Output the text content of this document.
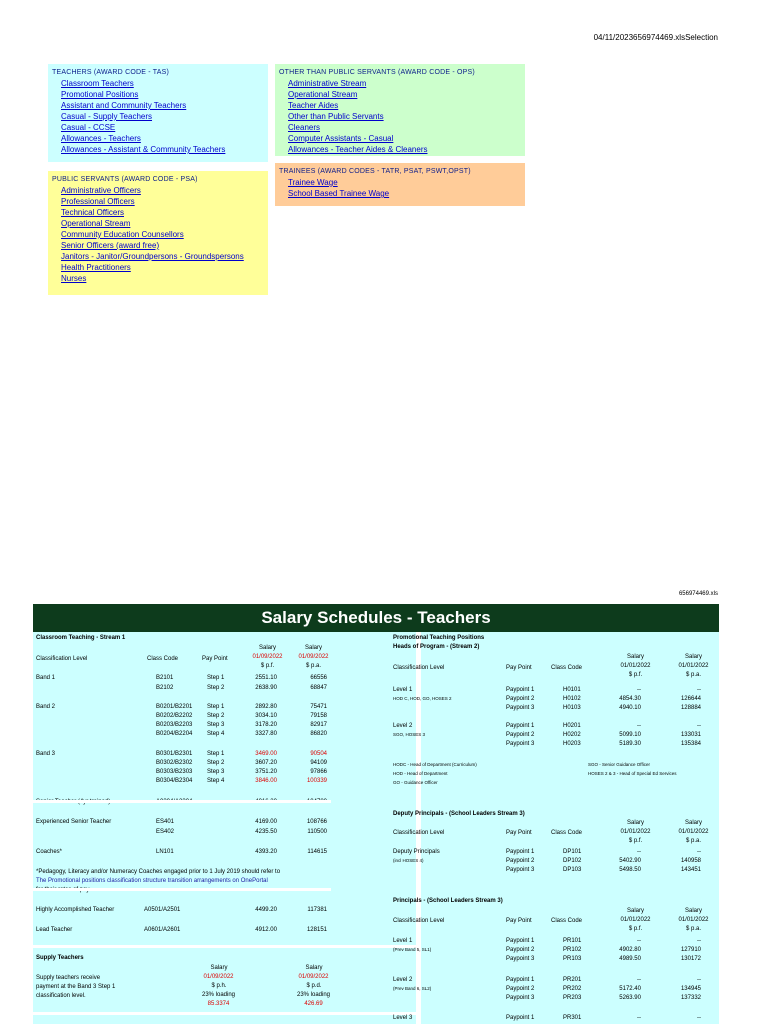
04/11/2023656974469.xlsSelection
TEACHERS (AWARD CODE - TAS)
Classroom Teachers
Promotional Positions
Assistant and Community Teachers
Casual - Supply Teachers
Casual - CCSE
Allowances - Teachers
Allowances - Assistant & Community Teachers
OTHER THAN PUBLIC SERVANTS (AWARD CODE - OPS)
Administrative Stream
Operational Stream
Teacher Aides
Other than Public Servants
Cleaners
Computer Assistants - Casual
Allowances - Teacher Aides & Cleaners
PUBLIC SERVANTS (AWARD CODE - PSA)
Administrative Officers
Professional Officers
Technical Officers
Operational Stream
Community Education Counsellors
Senior Officers (award free)
Janitors - Janitor/Groundpersons - Groundspersons
Health Practitioners
Nurses
TRAINEES (AWARD CODES - TATR, PSAT, PSWT,OPST)
Trainee Wage
School Based Trainee Wage
656974469.xls
Salary Schedules - Teachers
Classroom Teaching - Stream 1
Salary	Salary
01/09/2022	01/09/2022
Classification Level	Class Code	Pay Point
$ p.f.	$ p.a.
Band 1	B2101	Step 1	2551.10	66556
B2102	Step 2	2638.90	68847
Band 2	B0201/B2201 Step 1	2892.80	75471
B0202/B2202 Step 2	3034.10	79158
B0203/B2203 Step 3	3178.20	82917
B0204/B2204 Step 4	3327.80	86820
Band 3	B0301/B2301 Step 1	3469.00	90504
B0302/B2302 Step 2	3607.20	94109
B0303/B2303 Step 3	3751.20	97866
B0304/B2304 Step 4	3846.00	100339
Experienced Senior Teacher	ES401	4169.00	108766
ES402	4235.50	110500
Coaches*	LN101	4393.20	114615
*Pedagogy, Literacy and/or Numeracy Coaches engaged prior to 1 July 2019 should refer to
The Promotional positions classification structure transition arrangements on OnePortal
Highly Accomplished Teacher	A0501/A2501	4499.20	117381
Lead Teacher	A0601/A2601	4912.00	128151
Supply Teachers
Salary	Salary
Supply teachers receive	01/09/2022	01/09/2022
payment at the Band 3 Step 1	$ p.h.	$ p.d.
classification level.	23% loading	23% loading
85.3374	426.69
Promotional Teaching Positions
Heads of Program - (Stream 2)
Salary	Salary
01/01/2022	01/01/2022
Classification Level	Pay Point	Class Code
$ p.f.	$ p.a.
Level 1
HOD C, HOD, GO, HOSES 2
Paypoint 1	H0101	--	--
Paypoint 2	H0102	4854.30	126644
Paypoint 3	H0103	4940.10	128884
Level 2
SGO, HOSES 3
Paypoint 1	H0201	--	--
Paypoint 2	H0202	5099.10	133031
Paypoint 3	H0203	5189.30	135384
HODC - Head of Department (Curriculum)
HOD - Head of Department
GO - Guidance Officer
SGO - Senior Guidance Officer
HOSES 2 & 3 - Head of Special Ed Services
Deputy Principals - (School Leaders Stream 3)
Salary	Salary
Classification Level	Pay Point	Class Code	01/01/2022	01/01/2022
$ p.f.	$ p.a.
Deputy Principals
(incl HOSES 4)
Paypoint 1	DP101	--	--
Paypoint 2	DP102	5402.90	140958
Paypoint 3	DP103	5498.50	143451
Principals - (School Leaders Stream 3)
Salary	Salary
Classification Level	Pay Point	Class Code	01/01/2022	01/01/2022
$ p.f.	$ p.a.
Level 1
(Prev Band 5, SL1)
Paypoint 1	PR101	--	--
Paypoint 2	PR102	4902.80	127910
Paypoint 3	PR103	4989.50	130172
Level 2
(Prev Band 6, SL2)
Paypoint 1	PR201	--	--
Paypoint 2	PR202	5172.40	134945
Paypoint 3	PR203	5263.90	137332
Level 3	Paypoint 1	PR301	--	--
